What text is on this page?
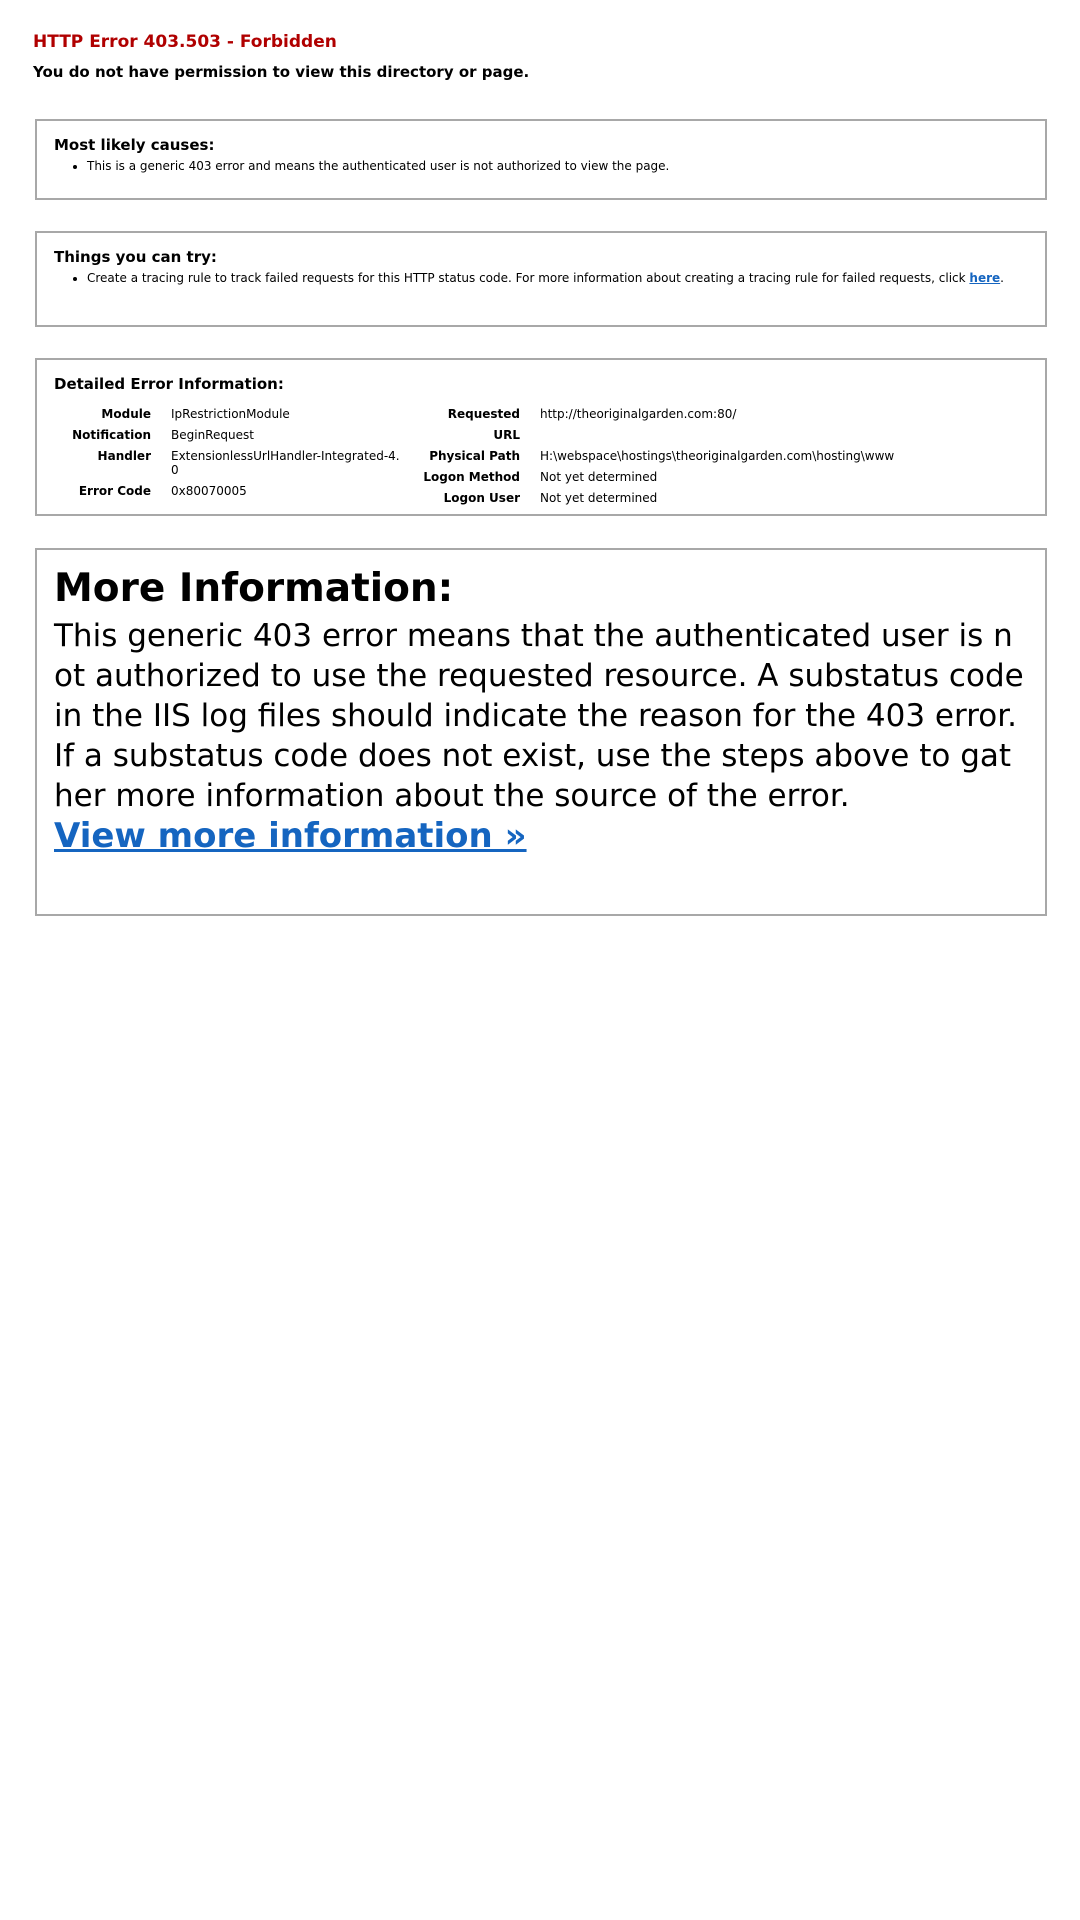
HTTP Error 403.503 - Forbidden
You do not have permission to view this directory or page.
Most likely causes:
• This is a generic 403 error and means the authenticated user is not authorized to view the page.
Things you can try:
• Create a tracing rule to track failed requests for this HTTP status code. For more information about creating a tracing rule for failed requests, click here.
Detailed Error Information:
Module	IpRestrictionModule
Notification	BeginRequest
Handler	ExtensionlessUrlHandler-Integrated-4.0
Error Code	0x80070005
Requested URL	http://theoriginalgarden.com:80/
Physical Path	H:\webspace\hostings\theoriginalgarden.com\hosting\www
Logon Method	Not yet determined
Logon User	Not yet determined
More Information:

This generic 403 error means that the authenticated user is not authorized to use the requested resource. A substatus code in the IIS log files should indicate the reason for the 403 error. If a substatus code does not exist, use the steps above to gather more information about the source of the error.

View more information »
